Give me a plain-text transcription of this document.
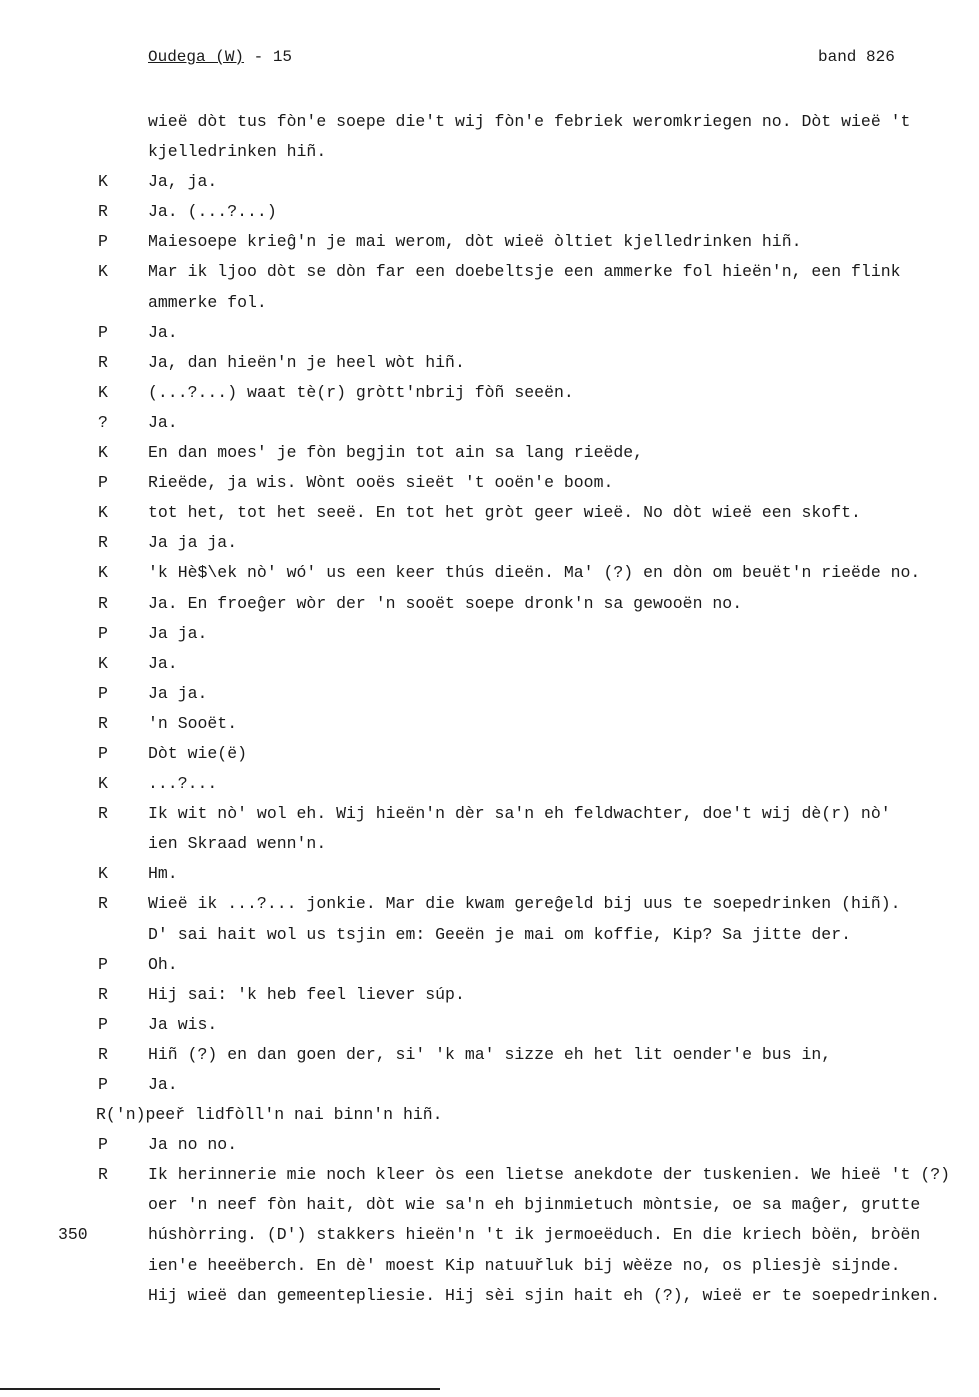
Oudega (W) - 15	band 826
wieë dòt tus fòn'e soepe die't wij fòn'e febriek weromkriegen no. Dòt wieë 't
kjelledrinken hiñ.
K Ja, ja.
R Ja. (...?...)
P Maiesoepe krieĝ'n je mai werom, dòt wieë òltiet kjelledrinken hiñ.
K Mar ik ljoo dòt se dòn far een doebeltsje een ammerke fol hieën'n, een flink
ammerke fol.
P Ja.
R Ja, dan hieën'n je heel wòt hiñ.
K (...?...) waat tè(r) gròtt'nbrij fòñ seeën.
? Ja.
K En dan moes' je fòn begjin tot ain sa lang rieëde,
P Rieëde, ja wis. Wònt ooës sieët 't ooën'e boom.
K tot het, tot het seeë. En tot het gròt geer wieë. No dòt wieë een skoft.
R Ja ja ja.
K 'k Hè$\ek nò' wó' us een keer thús dieën. Ma' (?) en dòn om beuët'n rieëde no.
R Ja. En froeĝer wòr der 'n sooët soepe dronk'n sa gewooën no.
P Ja ja.
K Ja.
P Ja ja.
R 'n Sooët.
P Dòt wie(ë)
K ...?...
R Ik wit nò' wol eh. Wij hieën'n dèr sa'n eh feldwachter, doe't wij dè(r) nò'
ien Skraad wenn'n.
K Hm.
R Wieë ik ...?... jonkie. Mar die kwam gereĝeld bij uus te soepedrinken (hiñ).
D' sai hait wol us tsjin em: Geeën je mai om koffie, Kip? Sa jitte der.
P Oh.
R Hij sai: 'k heb feel liever súp.
P Ja wis.
R Hiñ (?) en dan goen der, si' 'k ma' sizze eh het lit oender'e bus in,
P Ja.
R('n)peeř lidfòll'n nai binn'n hiñ.
P Ja no no.
R Ik herinnerie mie noch kleer òs een lietse anekdote der tuskenien. We hieë 't (?)
oer 'n neef fòn hait, dòt wie sa'n eh bjinmietuch mòntsie, oe sa maĝer, grutte
350	húshòrring. (D') stakkers hieën'n 't ik jermoeëduch. En die kriech bòën, bròën
ien'e heeëberch. En dè' moest Kip natuuřluk bij wèëze no, os pliesjè sijnde.
Hij wieë dan gemeentepliesie. Hij sèi sjin hait eh (?), wieë er te soepedrinken.
